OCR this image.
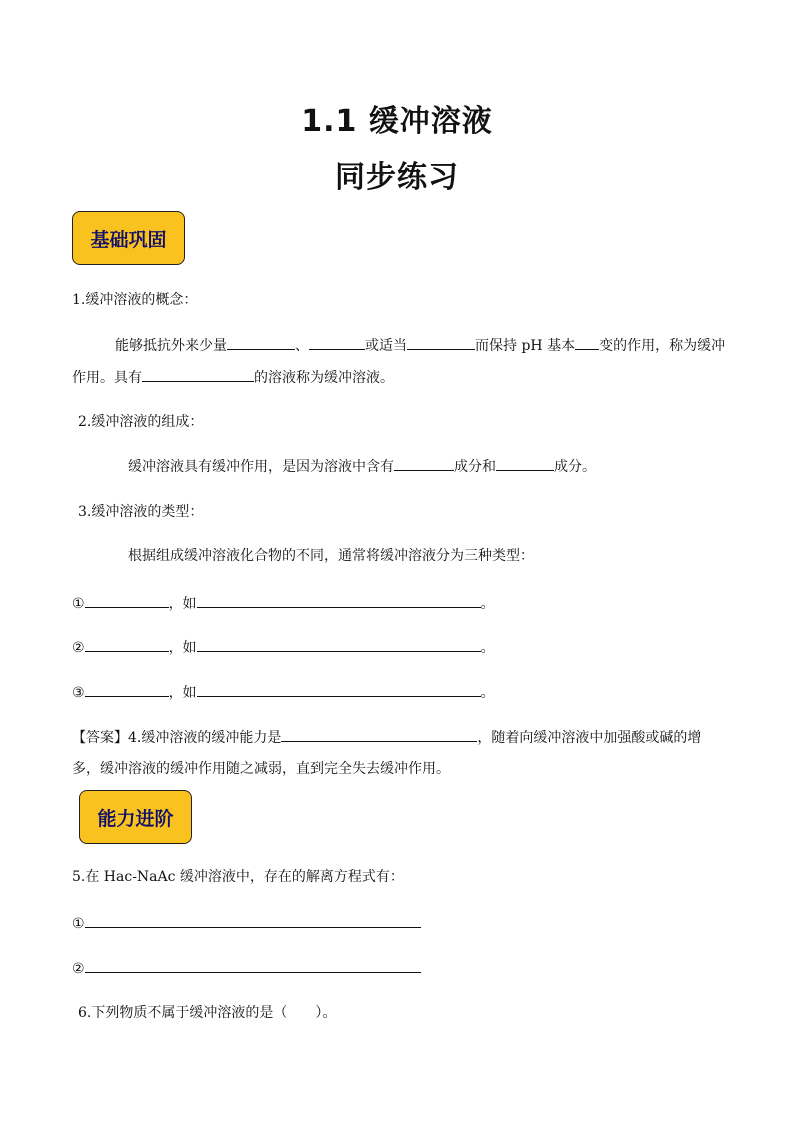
1.1 缓冲溶液
同步练习
基础巩固
1.缓冲溶液的概念：
能够抵抗外来少量	、	或适当	而保持 pH 基本 变的作用，称为缓冲
作用。具有	的溶液称为缓冲溶液。
2.缓冲溶液的组成：
缓冲溶液具有缓冲作用，是因为溶液中含有	成分和	成分。
3.缓冲溶液的类型：
根据组成缓冲溶液化合物的不同，通常将缓冲溶液分为三种类型：
①	，如	。
②	，如	。
③	，如	。
【答案】4.缓冲溶液的缓冲能力是	，随着向缓冲溶液中加强酸或碱的增
多，缓冲溶液的缓冲作用随之减弱，直到完全失去缓冲作用。
能力进阶
5.在 Hac-NaAc 缓冲溶液中，存在的解离方程式有：
①
②
6.下列物质不属于缓冲溶液的是（　　）。
